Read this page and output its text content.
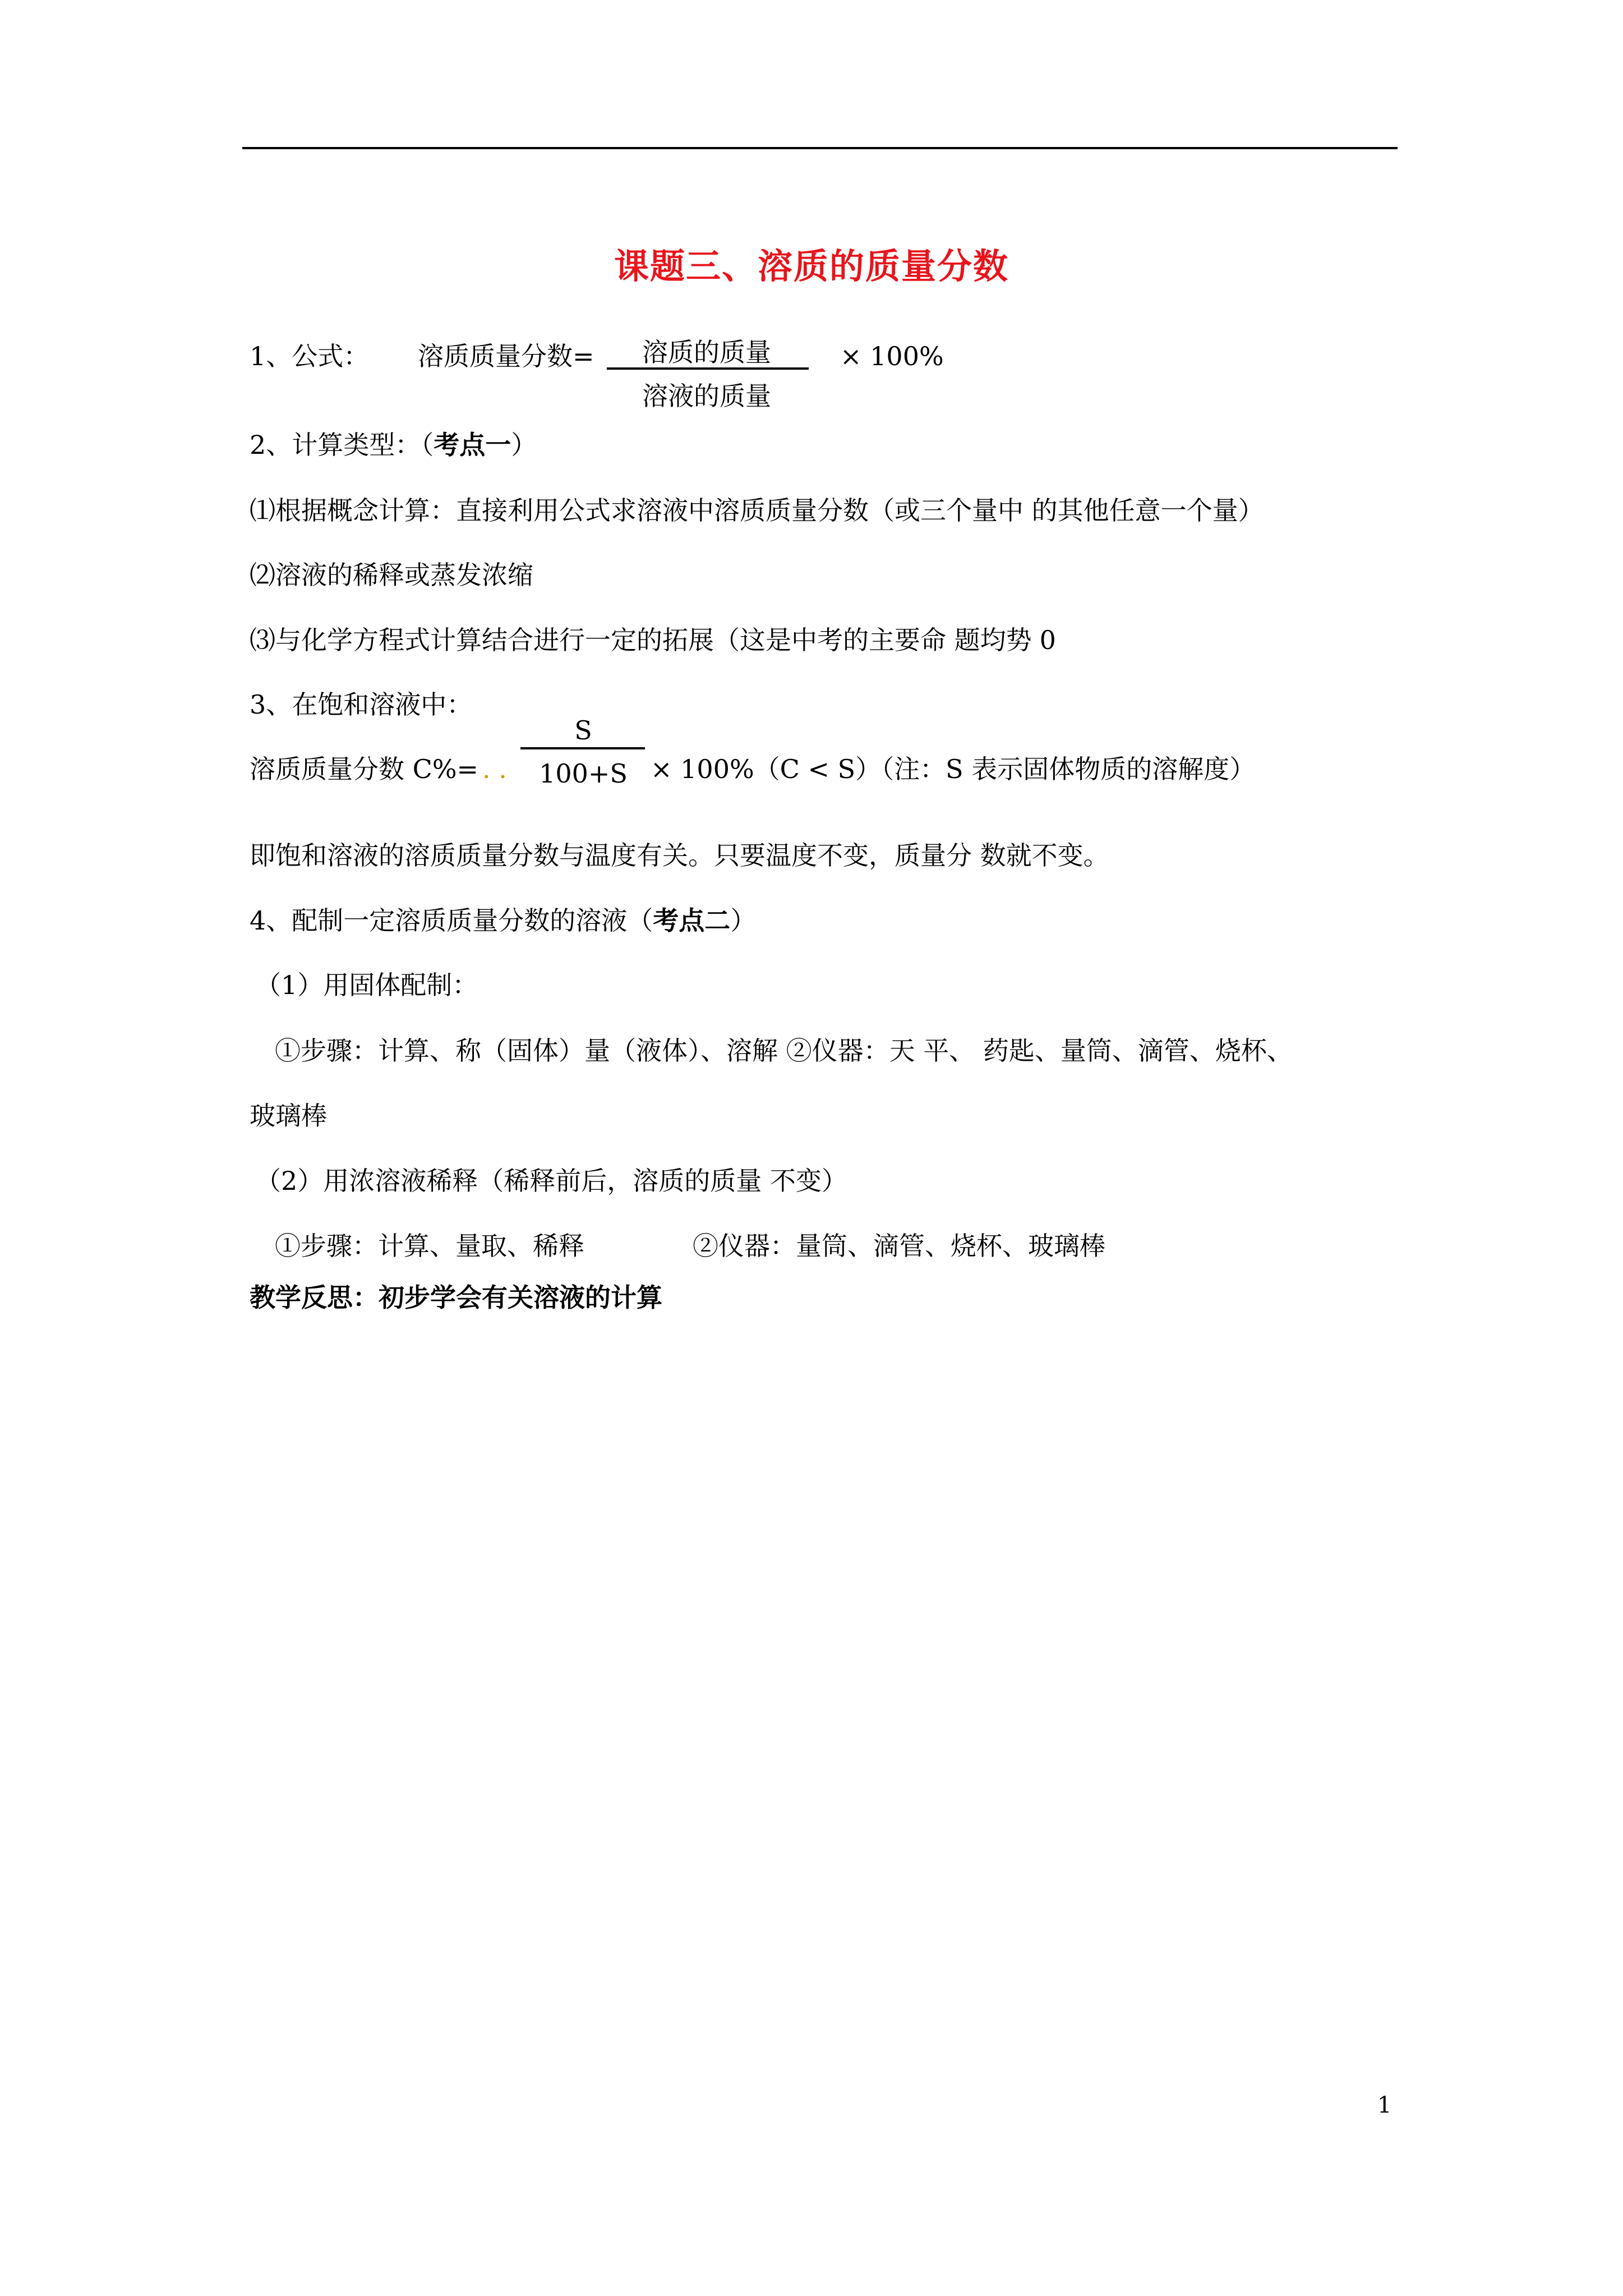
课题三、溶质的质量分数
1、公式： 溶质质量分数=	溶质的质量
溶液的质量
× 100%
2、计算类型：（考点一）
⑴根据概念计算：直接利用公式求溶液中溶质质量分数（或三个量中 的其他任意一个量）
⑵溶液的稀释或蒸发浓缩
⑶与化学方程式计算结合进行一定的拓展（这是中考的主要命 题均势 0
3、在饱和溶液中：
S
溶质质量分数 C%= . .	100+S × 100%（C < S）（注：S 表示固体物质的溶解度）
即饱和溶液的溶质质量分数与温度有关。只要温度不变，质量分 数就不变。
4、配制一定溶质质量分数的溶液（考点二）
（1）用固体配制：
①步骤：计算、称（固体）量（液体）、溶解 ②仪器：天 平、 药匙、量筒、滴管、烧杯、
玻璃棒
（2）用浓溶液稀释（稀释前后，溶质的质量 不变）
①步骤：计算、量取、稀释	②仪器：量筒、滴管、烧杯、玻璃棒
教学反思：初步学会有关溶液的计算
1
